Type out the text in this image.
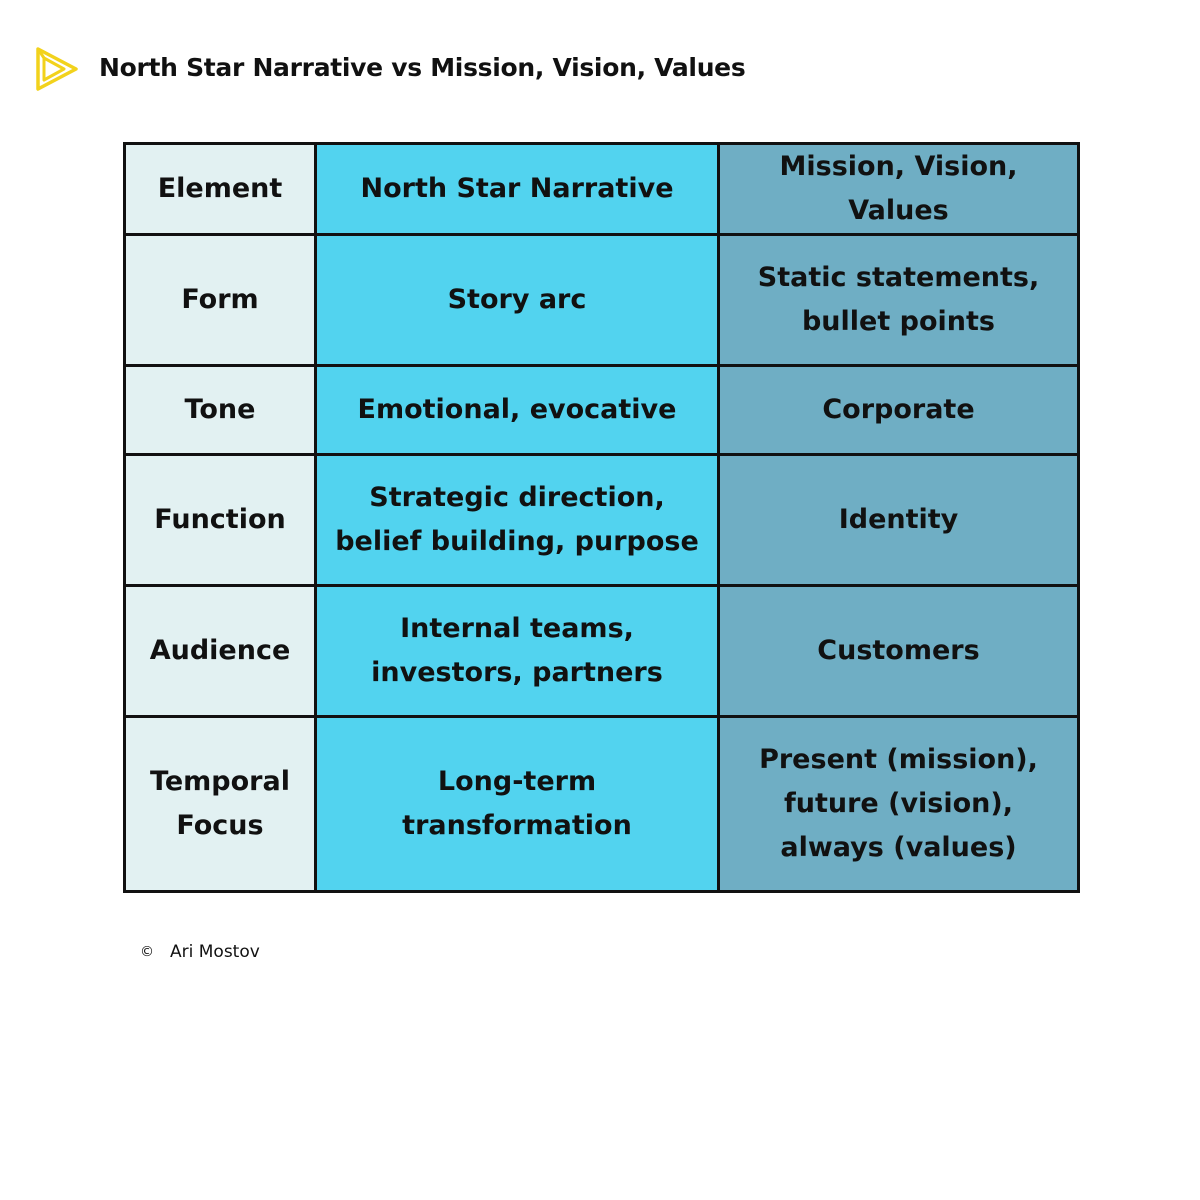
North Star Narrative vs Mission, Vision, Values
Element	North Star Narrative	Mission, Vision, Values
Form	Story arc	Static statements, bullet points
Tone	Emotional, evocative	Corporate
Function	Strategic direction, belief building, purpose	Identity
Audience	Internal teams, investors, partners	Customers
Temporal Focus	Long-term transformation	Present (mission), future (vision), always (values)
© Ari Mostov
